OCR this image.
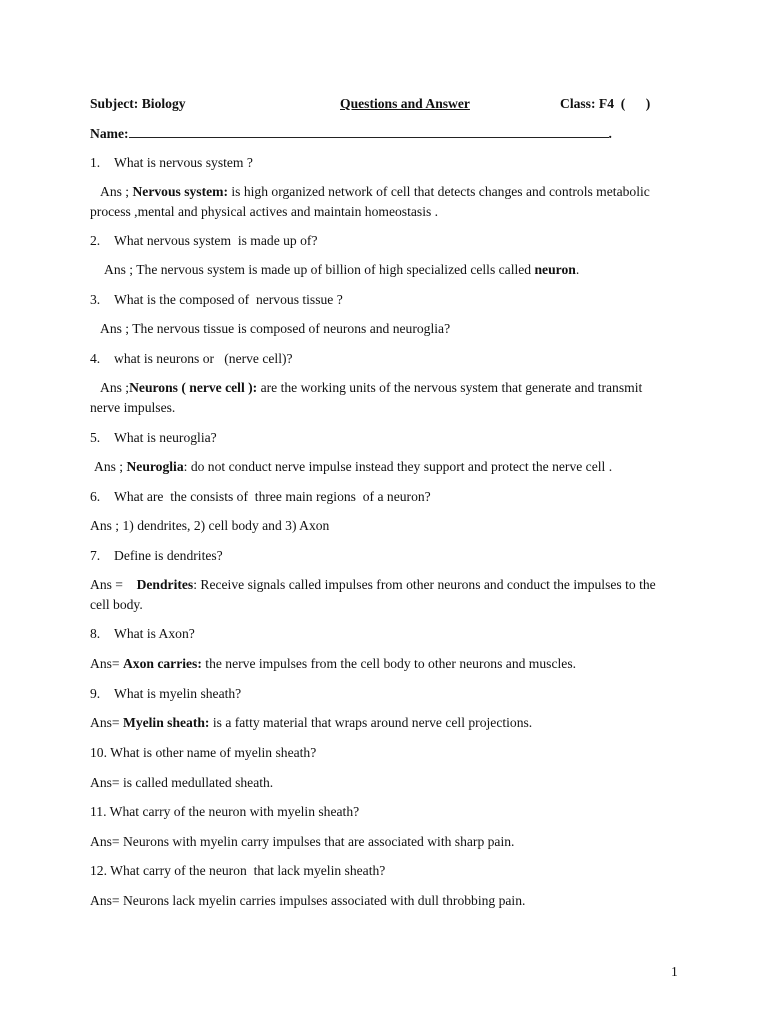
Subject: Biology	Questions and Answer	Class: F4  (      )
Name:	.
1. What is nervous system ?
Ans ; Nervous system: is high organized network of cell that detects changes and controls metabolic process ,mental and physical actives and maintain homeostasis .
2. What nervous system  is made up of?
Ans ; The nervous system is made up of billion of high specialized cells called neuron.
3. What is the composed of  nervous tissue ?
Ans ; The nervous tissue is composed of neurons and neuroglia?
4. what is neurons or   (nerve cell)?
Ans ;Neurons ( nerve cell ): are the working units of the nervous system that generate and transmit nerve impulses.
5. What is neuroglia?
Ans ; Neuroglia: do not conduct nerve impulse instead they support and protect the nerve cell .
6. What are  the consists of  three main regions  of a neuron?
Ans ; 1) dendrites, 2) cell body and 3) Axon
7. Define is dendrites?
Ans =    Dendrites: Receive signals called impulses from other neurons and conduct the impulses to the cell body.
8. What is Axon?
Ans= Axon carries: the nerve impulses from the cell body to other neurons and muscles.
9. What is myelin sheath?
Ans= Myelin sheath: is a fatty material that wraps around nerve cell projections.
10. What is other name of myelin sheath?
Ans= is called medullated sheath.
11. What carry of the neuron with myelin sheath?
Ans= Neurons with myelin carry impulses that are associated with sharp pain.
12. What carry of the neuron  that lack myelin sheath?
Ans= Neurons lack myelin carries impulses associated with dull throbbing pain.
1
